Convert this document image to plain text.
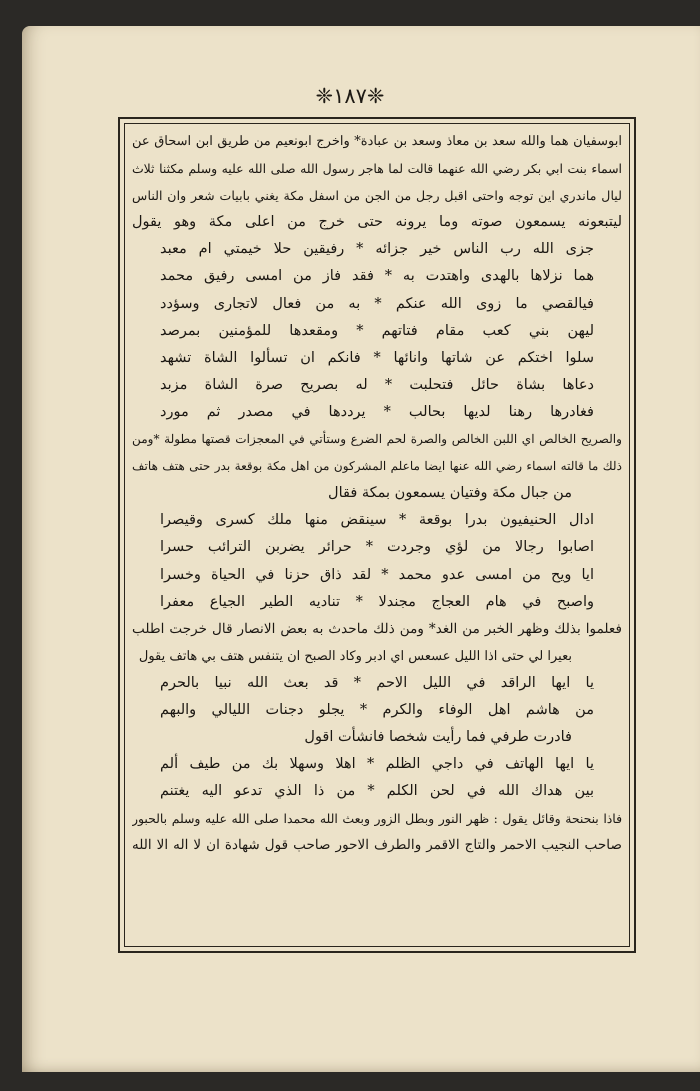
❈١٨٧❈
ابوسفيان هما والله سعد بن معاذ وسعد بن عبادة* واخرج ابونعيم من طريق ابن اسحاق عن
اسماء بنت ابي بكر رضي الله عنهما قالت لما هاجر رسول الله صلى الله عليه وسلم مكثنا ثلاث
ليال ماندري اين توجه واحتى اقبل رجل من الجن من اسفل مكة يغني بابيات شعر وان الناس
ليتبعونه يسمعون صوته وما يرونه حتى خرج من اعلى مكة وهو يقول
جزى الله رب الناس خير جزائه * رفيقين حلا خيمتي ام معبد
هما نزلاها بالهدى واهتدت به * فقد فاز من امسى رفيق محمد
فيالقصي ما زوى الله عنكم * به من فعال لاتجارى وسؤدد
ليهن بني كعب مقام فتاتهم * ومقعدها للمؤمنين بمرصد
سلوا اختكم عن شاتها وانائها * فانكم ان تسألوا الشاة تشهد
دعاها بشاة حائل فتحلبت * له بصريح صرة الشاة مزبد
فغادرها رهنا لديها بحالب * يرددها في مصدر ثم مورد
والصريح الخالص اي اللبن الخالص والصرة لحم الضرع وستأتي في المعجزات قصتها مطولة *ومن
ذلك ما قالته اسماء رضي الله عنها ايضا ماعلم المشركون من اهل مكة بوقعة بدر حتى هتف هاتف
من جبال مكة وفتيان يسمعون بمكة فقال
ادال الحنيفيون بدرا بوقعة * سينقض منها ملك كسرى وقيصرا
اصابوا رجالا من لؤي وجردت * حرائر يضربن الترائب حسرا
ايا ويح من امسى عدو محمد * لقد ذاق حزنا في الحياة وخسرا
واصبح في هام العجاج مجندلا * تناديه الطير الجياع معفرا
فعلموا بذلك وظهر الخبر من الغد* ومن ذلك ماحدث به بعض الانصار قال خرجت اطلب
بعيرا لي حتى اذا الليل عسعس اي ادبر وكاد الصبح ان يتنفس هتف بي هاتف يقول
يا ايها الراقد في الليل الاحم * قد بعث الله نبيا بالحرم
من هاشم اهل الوفاء والكرم * يجلو دجنات الليالي والبهم
فادرت طرفي فما رأيت شخصا فانشأت اقول
يا ايها الهاتف في داجي الظلم * اهلا وسهلا بك من طيف ألم
بين هداك الله في لحن الكلم * من ذا الذي تدعو اليه يغتنم
فاذا بنحنحة وقائل يقول : ظهر النور وبطل الزور وبعث الله محمدا صلى الله عليه وسلم بالحبور
صاحب النجيب الاحمر والتاج الاقمر والطرف الاحور صاحب قول شهادة ان لا اله الا الله
